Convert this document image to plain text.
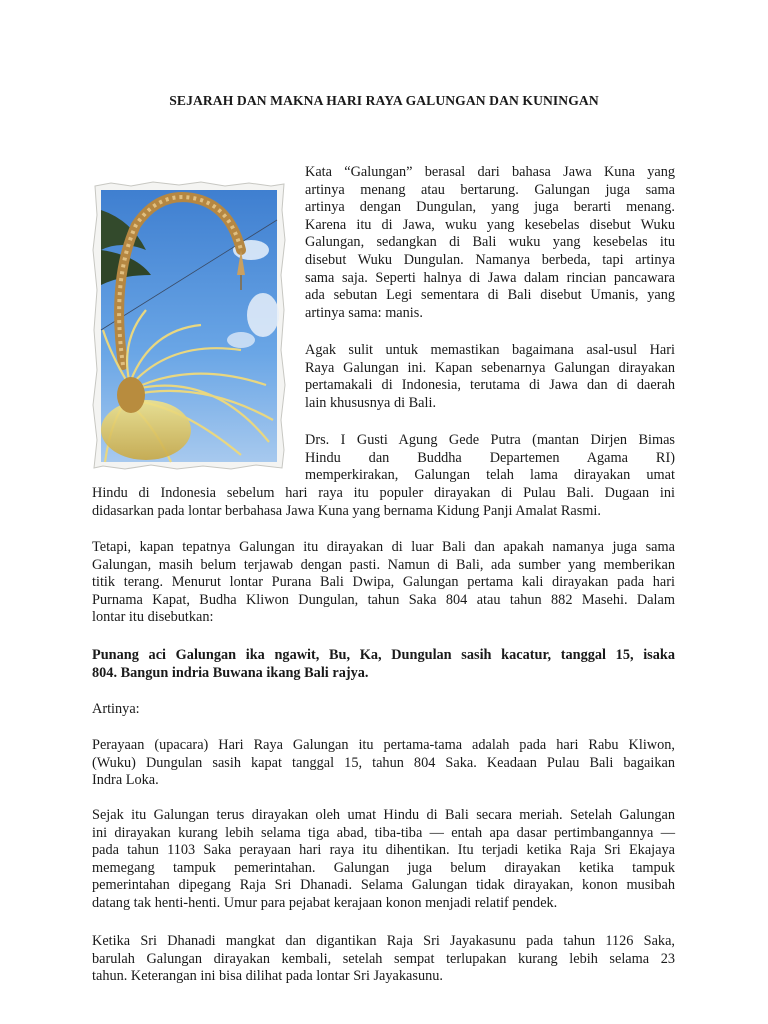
SEJARAH DAN MAKNA HARI RAYA GALUNGAN DAN KUNINGAN
Kata “Galungan” berasal dari bahasa Jawa Kuna yang
artinya menang atau bertarung. Galungan juga sama
artinya dengan Dungulan, yang juga berarti menang.
Karena itu di Jawa, wuku yang kesebelas disebut Wuku
Galungan, sedangkan di Bali wuku yang kesebelas itu
disebut Wuku Dungulan. Namanya berbeda, tapi artinya
sama saja. Seperti halnya di Jawa dalam rincian pancawara
ada sebutan Legi sementara di Bali disebut Umanis, yang
artinya sama: manis.
Agak sulit untuk memastikan bagaimana asal-usul Hari
Raya Galungan ini. Kapan sebenarnya Galungan dirayakan
pertamakali di Indonesia, terutama di Jawa dan di daerah
lain khususnya di Bali.
Drs. I Gusti Agung Gede Putra (mantan Dirjen Bimas
Hindu dan Buddha Departemen Agama RI)
memperkirakan, Galungan telah lama dirayakan umat
Hindu di Indonesia sebelum hari raya itu populer dirayakan di Pulau Bali. Dugaan ini
didasarkan pada lontar berbahasa Jawa Kuna yang bernama Kidung Panji Amalat Rasmi.
Tetapi, kapan tepatnya Galungan itu dirayakan di luar Bali dan apakah namanya juga sama
Galungan, masih belum terjawab dengan pasti. Namun di Bali, ada sumber yang memberikan
titik terang. Menurut lontar Purana Bali Dwipa, Galungan pertama kali dirayakan pada hari
Purnama Kapat, Budha Kliwon Dungulan, tahun Saka 804 atau tahun 882 Masehi. Dalam
lontar itu disebutkan:
Punang aci Galungan ika ngawit, Bu, Ka, Dungulan sasih kacatur, tanggal 15, isaka
804. Bangun indria Buwana ikang Bali rajya.
Artinya:
Perayaan (upacara) Hari Raya Galungan itu pertama-tama adalah pada hari Rabu Kliwon,
(Wuku) Dungulan sasih kapat tanggal 15, tahun 804 Saka. Keadaan Pulau Bali bagaikan
Indra Loka.
Sejak itu Galungan terus dirayakan oleh umat Hindu di Bali secara meriah. Setelah Galungan
ini dirayakan kurang lebih selama tiga abad, tiba-tiba — entah apa dasar pertimbangannya —
pada tahun 1103 Saka perayaan hari raya itu dihentikan. Itu terjadi ketika Raja Sri Ekajaya
memegang tampuk pemerintahan. Galungan juga belum dirayakan ketika tampuk
pemerintahan dipegang Raja Sri Dhanadi. Selama Galungan tidak dirayakan, konon musibah
datang tak henti-henti. Umur para pejabat kerajaan konon menjadi relatif pendek.
Ketika Sri Dhanadi mangkat dan digantikan Raja Sri Jayakasunu pada tahun 1126 Saka,
barulah Galungan dirayakan kembali, setelah sempat terlupakan kurang lebih selama 23
tahun. Keterangan ini bisa dilihat pada lontar Sri Jayakasunu.
